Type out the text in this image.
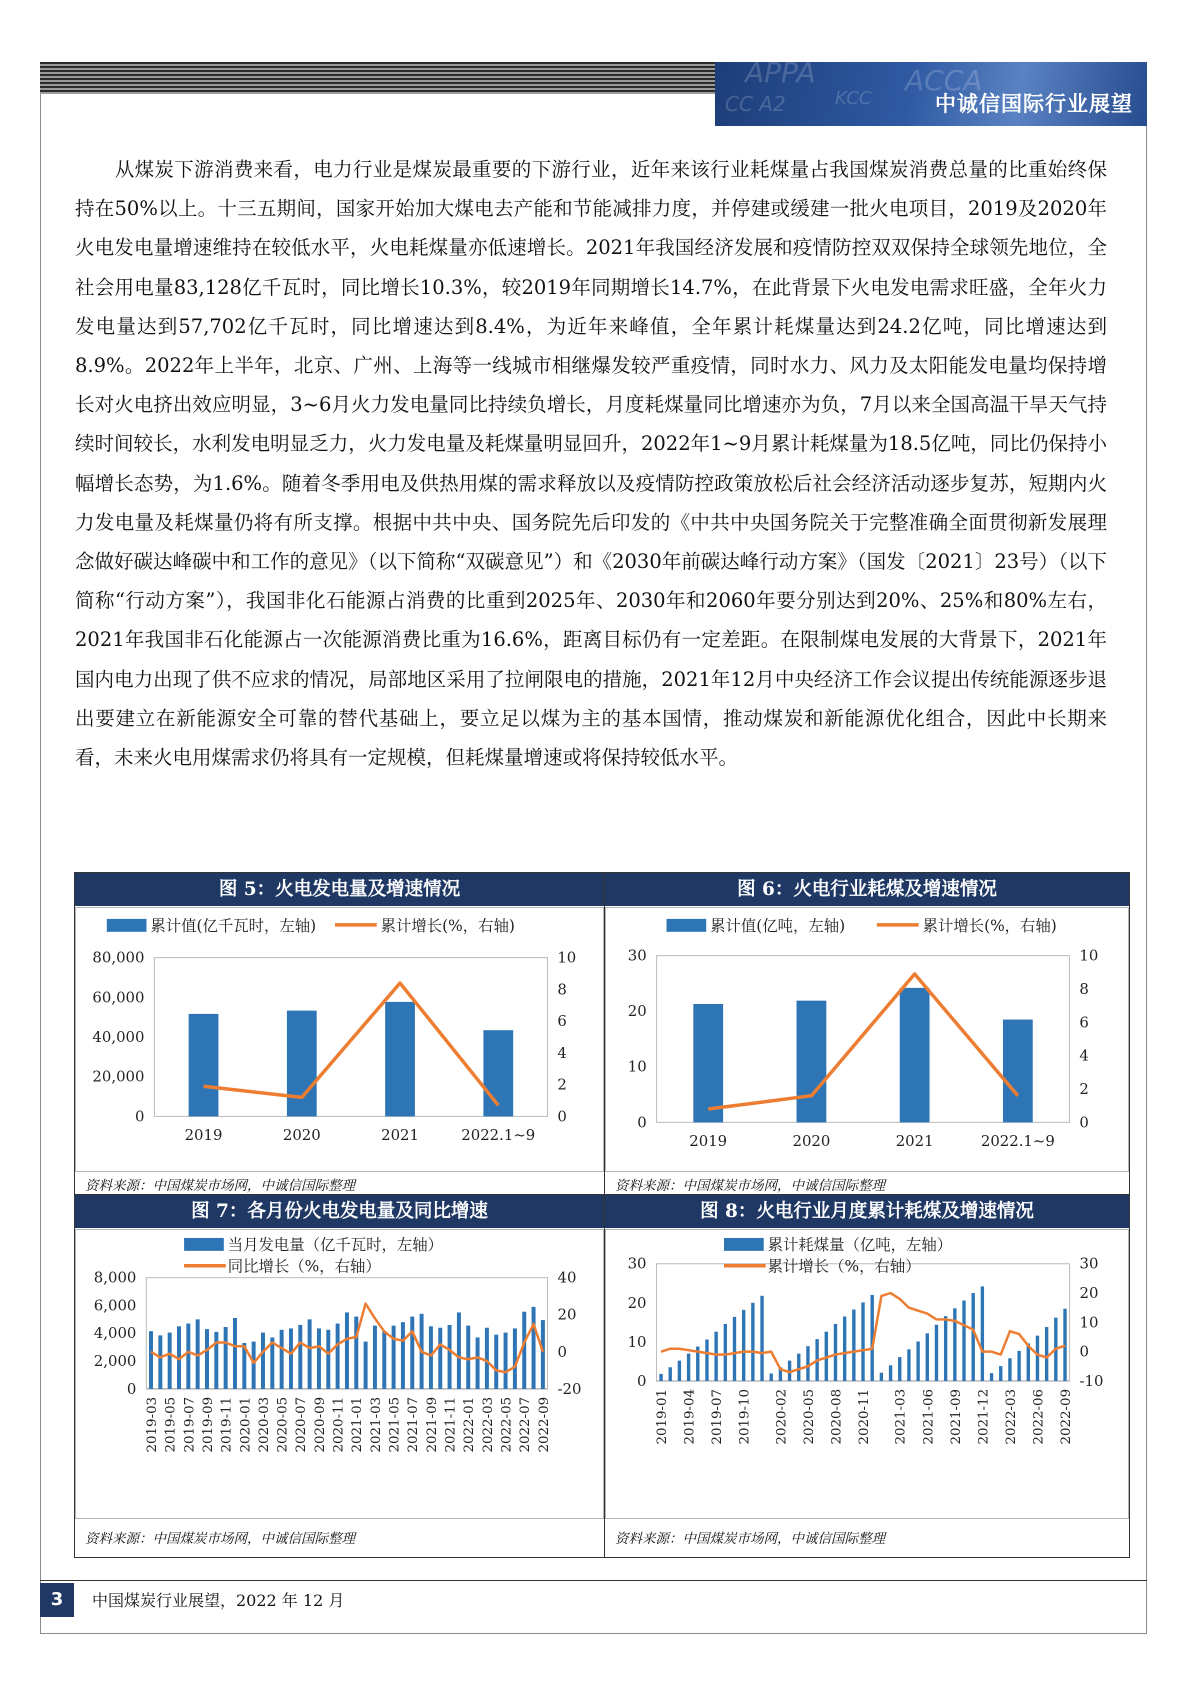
APPA	ACCA
CC A2	KCC	中诚信国际行业展望

　　从煤炭下游消费来看，电力行业是煤炭最重要的下游行业，近年来该行业耗煤量占我国煤炭消费总量的比重始终保持在50%以上。十三五期间，国家开始加大煤电去产能和节能减排力度，并停建或缓建一批火电项目，2019及2020年火电发电量增速维持在较低水平，火电耗煤量亦低速增长。2021年我国经济发展和疫情防控双双保持全球领先地位，全社会用电量83,128亿千瓦时，同比增长10.3%，较2019年同期增长14.7%，在此背景下火电发电需求旺盛，全年火力发电量达到57,702亿千瓦时，同比增速达到8.4%，为近年来峰值，全年累计耗煤量达到24.2亿吨，同比增速达到8.9%。2022年上半年，北京、广州、上海等一线城市相继爆发较严重疫情，同时水力、风力及太阳能发电量均保持增长对火电挤出效应明显，3~6月火力发电量同比持续负增长，月度耗煤量同比增速亦为负，7月以来全国高温干旱天气持续时间较长，水利发电明显乏力，火力发电量及耗煤量明显回升，2022年1~9月累计耗煤量为18.5亿吨，同比仍保持小幅增长态势，为1.6%。随着冬季用电及供热用煤的需求释放以及疫情防控政策放松后社会经济活动逐步复苏，短期内火力发电量及耗煤量仍将有所支撑。根据中共中央、国务院先后印发的《中共中央国务院关于完整准确全面贯彻新发展理念做好碳达峰碳中和工作的意见》（以下简称“双碳意见”）和《2030年前碳达峰行动方案》（国发〔2021〕23号）（以下简称“行动方案”），我国非化石能源占消费的比重到2025年、2030年和2060年要分别达到20%、25%和80%左右，2021年我国非石化能源占一次能源消费比重为16.6%，距离目标仍有一定差距。在限制煤电发展的大背景下，2021年国内电力出现了供不应求的情况，局部地区采用了拉闸限电的措施，2021年12月中央经济工作会议提出传统能源逐步退出要建立在新能源安全可靠的替代基础上，要立足以煤为主的基本国情，推动煤炭和新能源优化组合，因此中长期来看，未来火电用煤需求仍将具有一定规模，但耗煤量增速或将保持较低水平。

图 5：火电发电量及增速情况
0
20,000
40,000
60,000
80,000
0
2
4
6
8
10
2019	2020	2021	2022.1~9
累计值(亿千瓦时，左轴)	累计增长(%，右轴)
资料来源：中国煤炭市场网，中诚信国际整理
图 6：火电行业耗煤及增速情况
0
10
20
30
0
2
4
6
8
10
2019	2020	2021	2022.1~9
累计值(亿吨，左轴)	累计增长(%，右轴)
资料来源：中国煤炭市场网，中诚信国际整理
图 7：各月份火电发电量及同比增速
0
2,000
4,000
6,000
8,000
-20
0
20
40
2019-03 2019-05 2019-07 2019-09 2019-11 2020-01 2020-03 2020-05 2020-07 2020-09 2020-11 2021-01 2021-03 2021-05 2021-07 2021-09 2021-11 2022-01 2022-03 2022-05 2022-07 2022-09
当月发电量（亿千瓦时，左轴）
同比增长（%，右轴）
资料来源：中国煤炭市场网，中诚信国际整理
图 8：火电行业月度累计耗煤及增速情况
0
10
20
30
-10
0
10
20
30
2019-01 2019-04 2019-07 2019-10 2020-02 2020-05 2020-08 2020-11 2021-03 2021-06 2021-09 2021-12 2022-03 2022-06 2022-09
累计耗煤量（亿吨，左轴）
累计增长（%，右轴）
资料来源：中国煤炭市场网，中诚信国际整理
3	中国煤炭行业展望，2022 年 12 月
